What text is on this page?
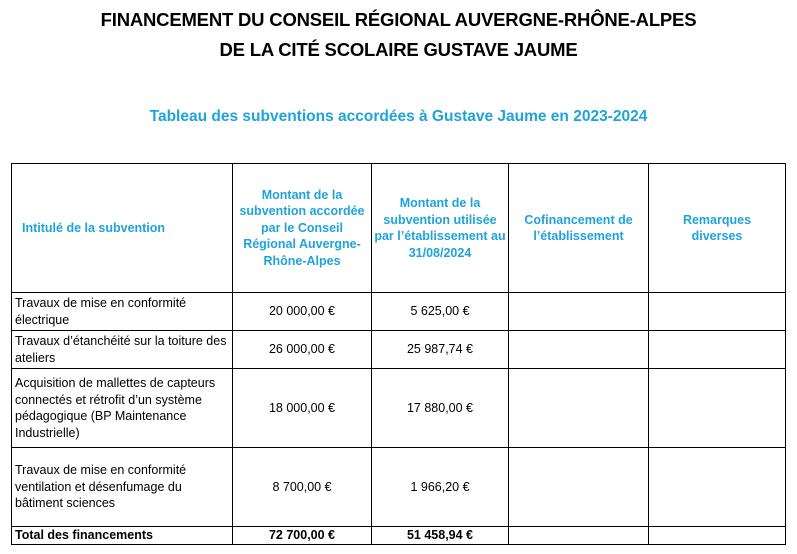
FINANCEMENT DU CONSEIL RÉGIONAL AUVERGNE-RHÔNE-ALPES
DE LA CITÉ SCOLAIRE GUSTAVE JAUME
Tableau des subventions accordées à Gustave Jaume en 2023-2024
Intitulé de la subvention	Montant de la subvention accordée par le Conseil Régional Auvergne-Rhône-Alpes	Montant de la subvention utilisée par l’établissement au 31/08/2024	Cofinancement de l’établissement	Remarques diverses
Travaux de mise en conformité électrique	20 000,00 €	5 625,00 €		
Travaux d’étanchéité sur la toiture des ateliers	26 000,00 €	25 987,74 €		
Acquisition de mallettes de capteurs connectés et rétrofit d’un système pédagogique (BP Maintenance Industrielle)	18 000,00 €	17 880,00 €		
Travaux de mise en conformité ventilation et désenfumage du bâtiment sciences	8 700,00 €	1 966,20 €		
Total des financements	72 700,00 €	51 458,94 €		
